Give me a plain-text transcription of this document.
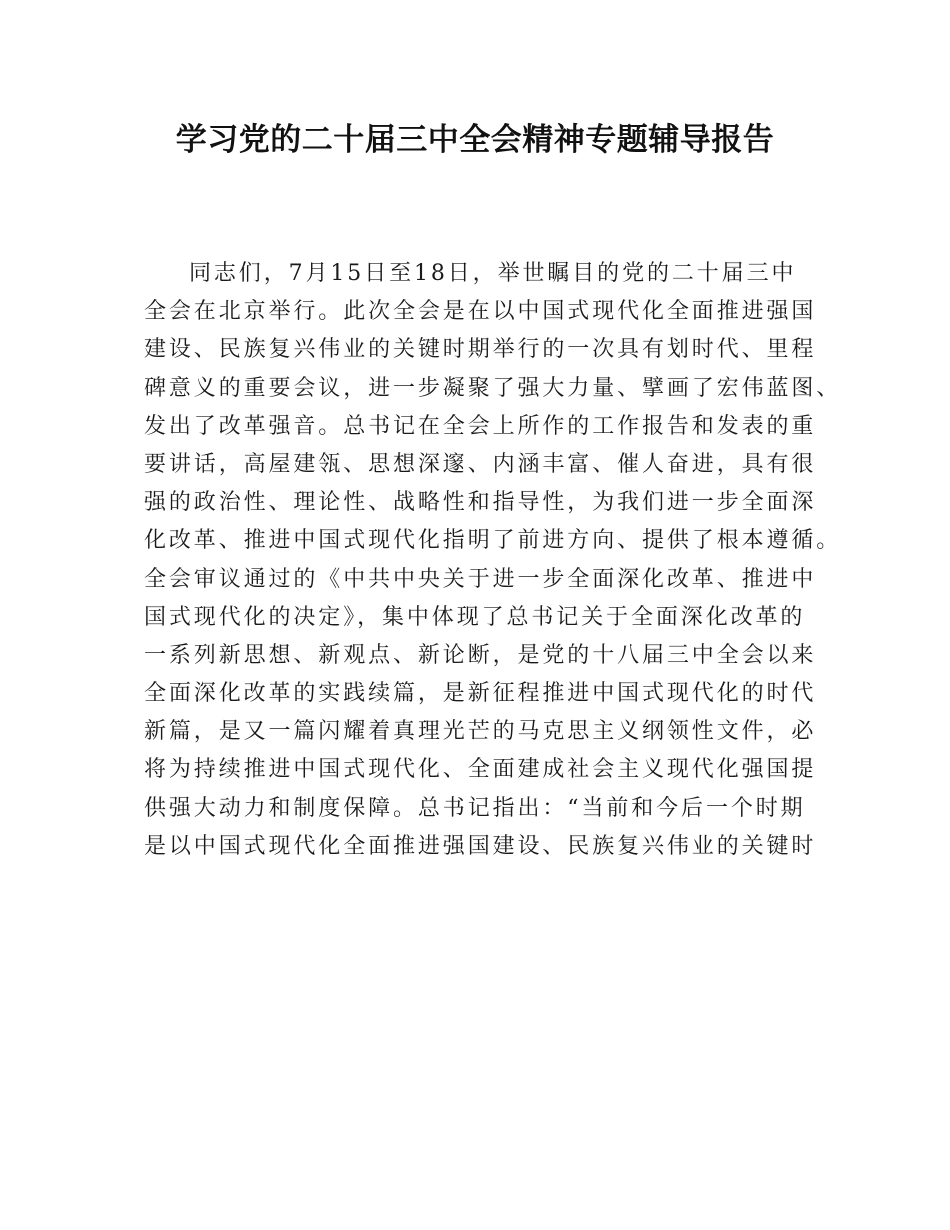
学习党的二十届三中全会精神专题辅导报告
同志们，7月15日至18日，举世瞩目的党的二十届三中
全会在北京举行。此次全会是在以中国式现代化全面推进强国
建设、民族复兴伟业的关键时期举行的一次具有划时代、里程
碑意义的重要会议，进一步凝聚了强大力量、擘画了宏伟蓝图、
发出了改革强音。总书记在全会上所作的工作报告和发表的重
要讲话，高屋建瓴、思想深邃、内涵丰富、催人奋进，具有很
强的政治性、理论性、战略性和指导性，为我们进一步全面深
化改革、推进中国式现代化指明了前进方向、提供了根本遵循。
全会审议通过的《中共中央关于进一步全面深化改革、推进中
国式现代化的决定》，集中体现了总书记关于全面深化改革的
一系列新思想、新观点、新论断，是党的十八届三中全会以来
全面深化改革的实践续篇，是新征程推进中国式现代化的时代
新篇，是又一篇闪耀着真理光芒的马克思主义纲领性文件，必
将为持续推进中国式现代化、全面建成社会主义现代化强国提
供强大动力和制度保障。总书记指出：“当前和今后一个时期
是以中国式现代化全面推进强国建设、民族复兴伟业的关键时
